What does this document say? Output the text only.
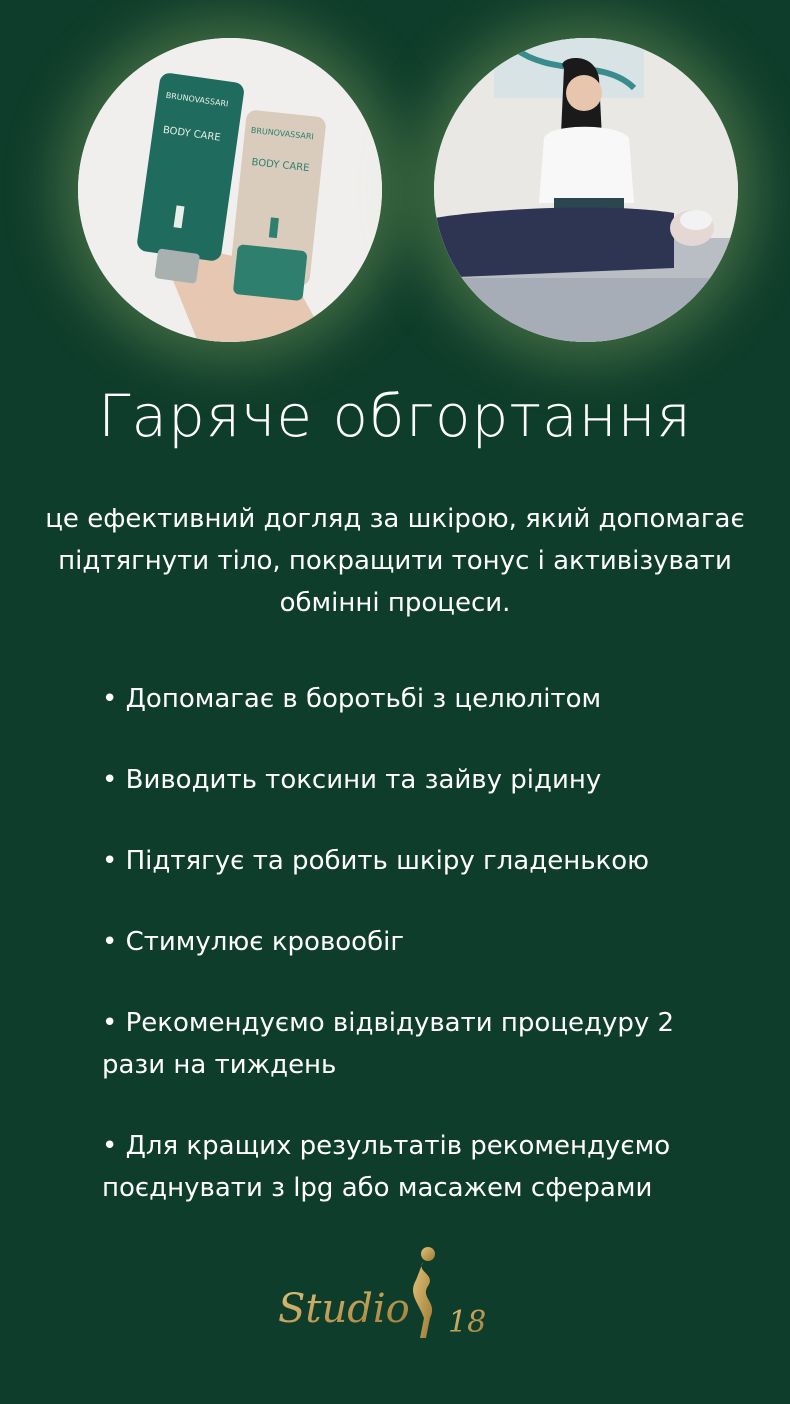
BRUNOVASSARI
BODY CARE	BRUNOVASSARI
BODY CARE
Гаряче обгортання
це ефективний догляд за шкірою, який допомагає підтягнути тіло, покращити тонус і активізувати обмінні процеси.
• Допомагає в боротьбі з целюлітом
• Виводить токсини та зайву рідину
• Підтягує та робить шкіру гладенькою
• Стимулює кровообіг
• Рекомендуємо відвідувати процедуру 2 рази на тиждень
• Для кращих результатів рекомендуємо поєднувати з lpg або масажем сферами
Studio 18
